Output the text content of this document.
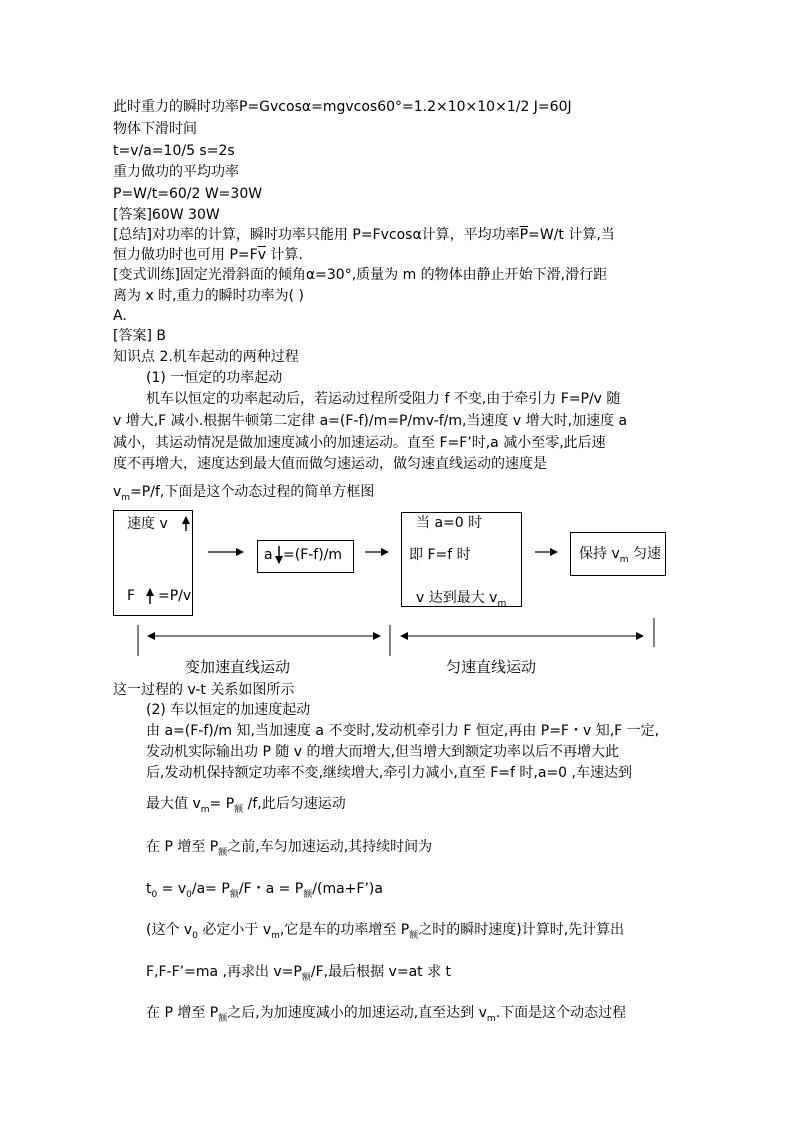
此时重力的瞬时功率P=Gvcosα=mgvcos60°=1.2×10×10×1/2 J=60J
物体下滑时间
t=v/a=10/5 s=2s
重力做功的平均功率
P=W/t=60/2 W=30W
[答案]60W 30W
[总结]对功率的计算，瞬时功率只能用 P=Fvcosα计算，平均功率$\overline{P}=W/t$ 计算,当
恒力做功时也可用 $P=F\overline{v}$ 计算.
[变式训练]固定光滑斜面的倾角α=30°,质量为 m 的物体由静止开始下滑,滑行距
离为 x 时,重力的瞬时功率为( )
A.
[答案] B
知识点 2.机车起动的两种过程
(1) 一恒定的功率起动
机车以恒定的功率起动后，若运动过程所受阻力 f 不变,由于牵引力 F=P/v 随
v 增大,F 减小.根据牛顿第二定律 a=(F-f)/m=P/mv-f/m,当速度 v 增大时,加速度 a
减小，其运动情况是做加速度减小的加速运动。直至 F=F’时,a 减小至零,此后速
度不再增大，速度达到最大值而做匀速运动，做匀速直线运动的速度是
$v_m=P/f$,下面是这个动态过程的简单方框图
速度 v
F =P/v
a =(F-f)/m
当 a=0 时
即 F=f 时
v 达到最大 $v_m$
保持 $v_m$ 匀速
变加速直线运动	匀速直线运动
这一过程的 v-t 关系如图所示
(2) 车以恒定的加速度起动
由 a=(F-f)/m 知,当加速度 a 不变时,发动机牵引力 F 恒定,再由 P=F・v 知,F 一定,
发动机实际输出功 P 随 v 的增大而增大,但当增大到额定功率以后不再增大此
后,发动机保持额定功率不变,继续增大,牵引力减小,直至 F=f 时,a=0 ,车速达到
最大值 $v_m= P_额$ /f,此后匀速运动
在 P 增至 $P_额$之前,车匀加速运动,其持续时间为
$t_0 = v_0/a= P_额/F$・$a = P_额/(ma+F’)a$
(这个 $v_0$ 必定小于 $v_m$,它是车的功率增至 $P_额$之时的瞬时速度)计算时,先计算出
F,F-F’=ma ,再求出 $v=P_额/F$,最后根据 v=at 求 t
在 P 增至 $P_额$之后,为加速度减小的加速运动,直至达到 $v_m$.下面是这个动态过程
